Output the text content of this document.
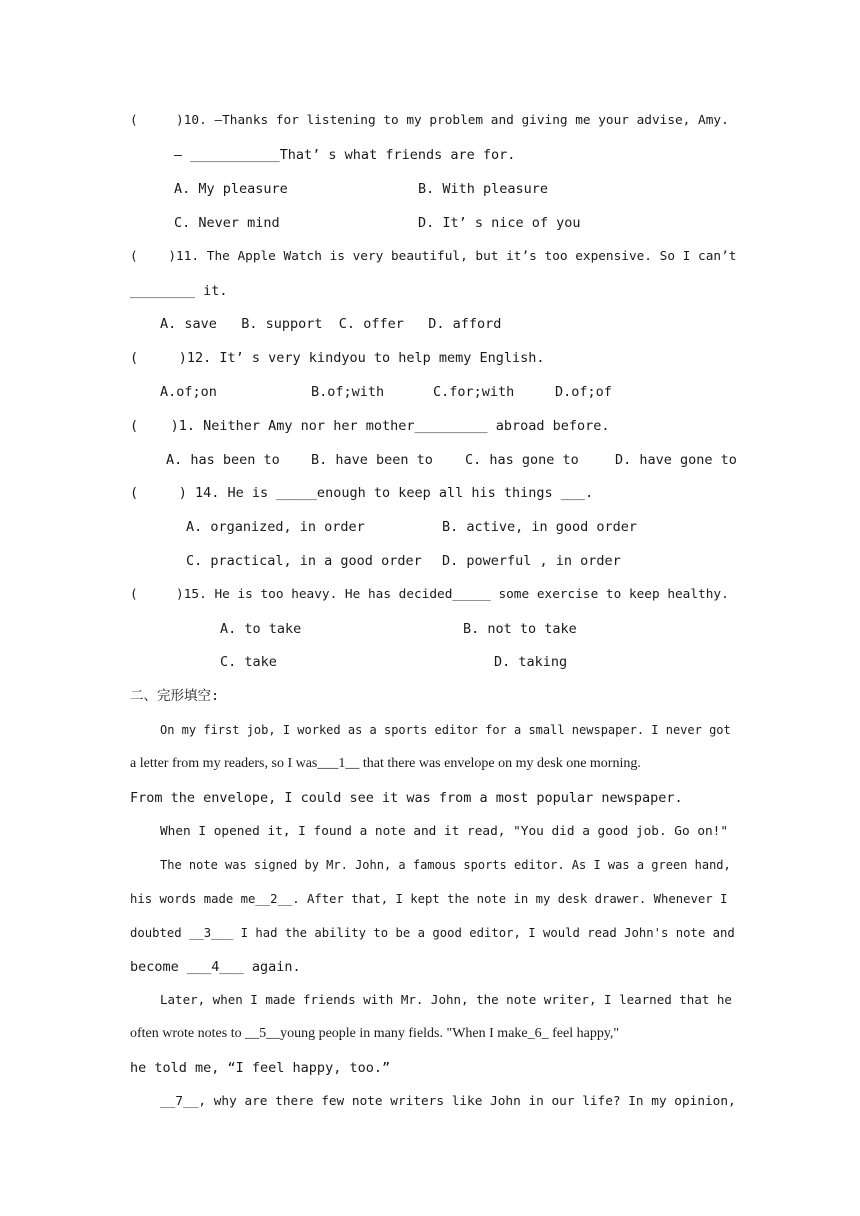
(     )10. —Thanks for listening to my problem and giving me your advise, Amy.
— ___________That’ s what friends are for.
A. My pleasure	B. With pleasure
C. Never mind	D. It’ s nice of you
(    )11. The Apple Watch is very beautiful, but it’s too expensive. So I can’t
________ it.
A. save   B. support  C. offer   D. afford
(     )12. It’ s very kindyou to help memy English.
A.of;on	B.of;with	C.for;with	D.of;of
(    )1. Neither Amy nor her mother_________ abroad before.
A. has been to B. have been to C. has gone to	D. have gone to
(     ) 14. He is _____enough to keep all his things ___.
A. organized, in order	B. active, in good order
C. practical, in a good order D. powerful , in order
(     )15. He is too heavy. He has decided_____ some exercise to keep healthy.
A. to take	B. not to take
C. take	D. taking
二、完形填空:
On my first job, I worked as a sports editor for a small newspaper. I never got
a letter from my readers, so I was___1__ that there was envelope on my desk one morning.
From the envelope, I could see it was from a most popular newspaper.
When I opened it, I found a note and it read, "You did a good job. Go on!"
The note was signed by Mr. John, a famous sports editor. As I was a green hand,
his words made me__2__. After that, I kept the note in my desk drawer. Whenever I
doubted __3___ I had the ability to be a good editor, I would read John's note and
become ___4___ again.
Later, when I made friends with Mr. John, the note writer, I learned that he
often wrote notes to __5__young people in many fields. "When I make_6_ feel happy,"
he told me, “I feel happy, too.”
__7__, why are there few note writers like John in our life? In my opinion,
